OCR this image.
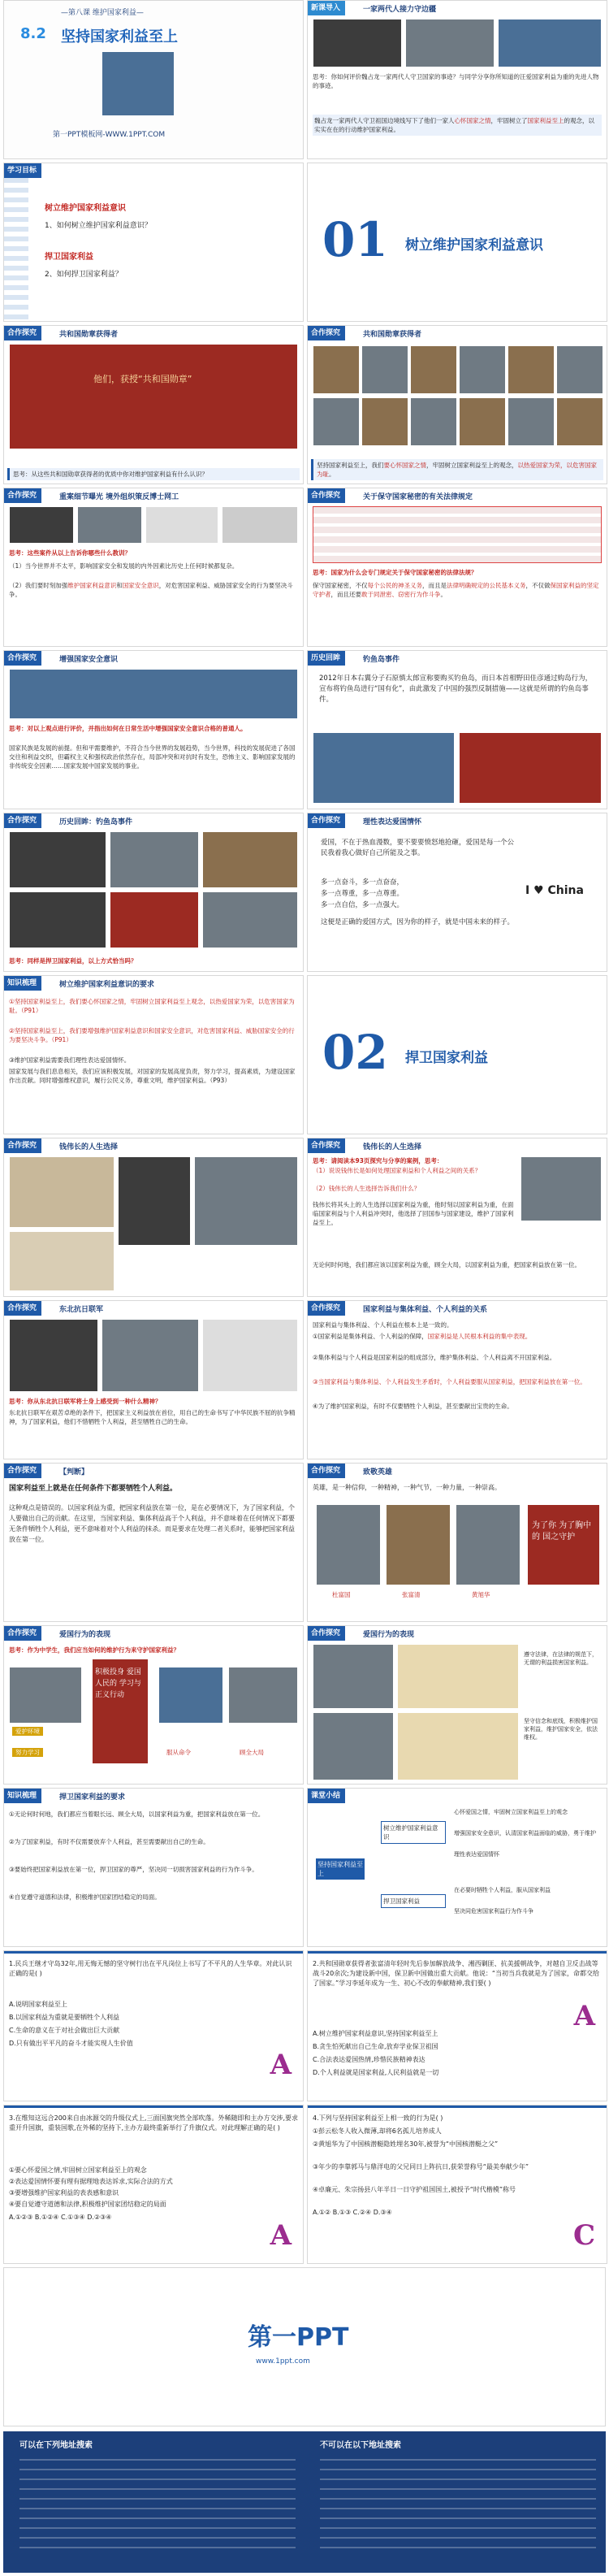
—第八课 维护国家利益—
8.2 坚持国家利益至上
第一PPT模板网-WWW.1PPT.COM
新课导入	一家两代人接力守边疆
思考：你如何评价魏占龙一家两代人守卫国家的事迹？与同学分享你所知道的汪爱国家利益为重的先进人物的事迹。
魏占龙一家两代人守卫祖国边境线写下了他们一家人心怀国家之情，牢固树立了国家利益至上的观念，以实实在在的行动维护国家利益。
学习目标
树立维护国家利益意识
1、如何树立维护国家利益意识？
捍卫国家利益
2、如何捍卫国家利益？
01 树立维护国家利益意识
合作探究	共和国勋章获得者
他们，获授“共和国勋章”
思考：从这些共和国勋章获得者的优质中你对维护国家利益有什么认识？
合作探究	共和国勋章获得者
坚持国家利益至上，我们要心怀国家之情，牢固树立国家利益至上的观念，以热爱国家为荣，以危害国家为耻。
合作探究	重案细节曝光 境外组织策反博士网工
思考：这些案件从以上告诉你哪些什么教训？
（1）当今世界并不太平，影响国家安全和发展的内外因素比历史上任何时候都复杂。
（2）我们要时刻加强维护国家利益意识和国家安全意识，对危害国家利益、威胁国家安全的行为要坚决斗争。
合作探究	关于保守国家秘密的有关法律规定
思考：国家为什么会专门规定关于保守国家秘密的法律法规？
保守国家秘密，不仅每个公民的神圣义务，而且是法律明确规定的公民基本义务，不仅做保国家利益的坚定守护者，而且还要敢于同泄密、窃密行为作斗争。
合作探究	增强国家安全意识
思考：对以上观点进行评价，并指出如何在日常生活中增强国家安全意识合格的普通人。
国家民族是发展的前提。但和平需要维护，不符合当今世界的发展趋势，当今世界，科技的发展促进了各国交往和利益交织，但霸权主义和强权政治依然存在，局部冲突和对抗时有发生，恐怖主义、影响国家发展的非传统安全因素……国家发展中国家发展的事业。
历史回眸	钓鱼岛事件
2012年日本右翼分子石原慎太郎宣称要购买钓鱼岛，而日本首相野田佳彦通过购岛行为，宣布将钓鱼岛进行“国有化”，由此激发了中国的强烈反制措施——这就是所谓的钓鱼岛事件。
合作探究	历史回眸：钓鱼岛事件
思考：同样是捍卫国家利益，以上方式恰当吗？
合作探究	理性表达爱国情怀
爱国，不在于热血漫数，要不要要愤怒地抢砸，爱国是每一个公民我着我心做好自己所能及之事。
多一点奋斗，多一点奋奋，
多一点尊重，多一点尊重。
多一点自信，多一点强大。
这便是正确的爱国方式，因为你的样子，就是中国未来的样子。
I ♥ China
知识梳理	树立维护国家利益意识的要求
①坚持国家利益至上，我们要心怀国家之情，牢固树立国家利益至上观念，以热爱国家为荣，以危害国家为耻。（P91）
②坚持国家利益至上，我们要增强维护国家利益意识和国家安全意识，对危害国家利益、威胁国家安全的行为要坚决斗争。（P91）
③维护国家利益需要我们理性表达爱国情怀。
国家发展与我们息息相关，我们应该积极发展，对国家的发展高度负责，努力学习，提高素质，为建设国家作出贡献。同时增强维权意识，履行公民义务，尊重文明，维护国家利益。（P93）
02 捍卫国家利益
合作探究	钱伟长的人生选择	合作探究	钱伟长的人生选择
思考：请阅读本93页探究与分享的案例，思考：
（1）说说钱伟长是如何处理国家利益和个人利益之间的关系？
（2）钱伟长的人生选择告诉我们什么？
钱伟长将其头上的人生选择以国家利益为重，他时刻以国家利益为重，在面临国家利益与个人利益冲突时，他选择了回国参与国家建设，维护了国家利益至上。
无论何时何地，我们都应该以国家利益为重，顾全大局，以国家利益为重，把国家利益放在第一位。
合作探究	东北抗日联军
思考：你从东北抗日联军将士身上感受到一种什么精神？
东北抗日联军在艰苦卓绝的条件下，把国家主义利益放在首位，用自己的生命书写了中华民族不屈的抗争精神，为了国家利益，他们不惜牺牲个人利益，甚至牺牲自己的生命。
合作探究	国家利益与集体利益、个人利益的关系
国家利益与集体利益、个人利益在根本上是一致的。
①国家利益是集体利益、个人利益的保障，国家利益是人民根本利益的集中表现。
②集体利益与个人利益是国家利益的组成部分，维护集体利益、个人利益离不开国家利益。
③当国家利益与集体利益、个人利益发生矛盾时，个人利益要服从国家利益，把国家利益放在第一位。
④为了维护国家利益，有时不仅要牺牲个人利益，甚至要献出宝贵的生命。
合作探究	【判断】
国家利益至上就是在任何条件下都要牺牲个人利益。
这种观点是错误的。以国家利益为重，把国家利益放在第一位，是在必要情况下，为了国家利益，个人要做出自己的贡献。在这里，当国家利益、集体利益高于个人利益，并不意味着在任何情况下都要无条件牺牲个人利益，更不意味着对个人利益的抹杀。而是要求在处理二者关系时，能够把国家利益放在第一位。
合作探究	致敬英雄
英雄，是一种信仰，一种精神，一种气节，一种力量，一种崇高。
为了你 为了胸中的 国之守护
杜富国	张富清	黄旭华
合作探究	爱国行为的表现
思考：作为中学生，我们应当如何的维护行为来守护国家利益？
积极投身 爱国人民的 学习与 正义行动
爱护环境
努力学习	服从命令	顾全大局
合作探究	爱国行为的表现
遵守法律，在法律的规范下，无谓的利益损害国家利益。
坚守信念和底线，积极维护国家利益，维护国家安全，依法维权。
知识梳理	捍卫国家利益的要求
①无论何时何地，我们都应当着眼长远、顾全大局，以国家利益为重，把国家利益放在第一位。
②为了国家利益，有时不仅需要放弃个人利益，甚至需要献出自己的生命。
③要始终把国家利益放在第一位，捍卫国家的尊严，坚决同一切损害国家利益的行为作斗争。
④自觉遵守道德和法律，积极维护国家团结稳定的局面。
课堂小结
坚持国家利益至上
树立维护国家利益意识
捍卫国家利益
心怀爱国之情，牢固树立国家利益至上的观念
增强国家安全意识，认清国家利益面临的威胁，勇于维护
理性表达爱国情怀
在必要时牺牲个人利益，服从国家利益
坚决同危害国家利益行为作斗争
1.民兵王继才守岛32年,用无悔无憾的坚守树行出在平凡岗位上书写了不平凡的人生华章。对此认识正确的是( )
A.说明国家利益至上
B.以国家利益为重就是要牺牲个人利益
C.生命的意义在于对社会做出巨大贡献
D.只有做出平平凡的奋斗才能实现人生价值
A
2.共和国勋章获得者张富清年轻时先后参加解放战争、湘西剿匪、抗美援朝战争，对越自卫反击战等战斗20余次;为建设新中国，保卫新中国做出重大贡献。他说：“当初当兵我就是为了国家，命都交给了国家。”学习李延年成为一生、初心不改的奉献精神,我们要( )
A.树立维护国家利益意识,坚持国家利益至上
B.贪生怕死献出自己生命,放弃学业保卫祖国
C.合法表达爱国热情,珍惜民族精神表达
D.个人利益就是国家利益,人民利益就是一切
A
3.在维知这远合200来自由冰源交的升级仪式上,三面国旗突然全部吹落。外稀随即和主办方交涉,要求重开升国旗，重装国歌,在外稀的坚持下,主办方最终重新举行了升旗仪式。对此理解正确的是( )
①要心怀爱国之情,牢固树立国家利益至上的观念
②表达爱国情怀要有理有据理地表达诉求,实际合法的方式
③要增强维护国家利益的表表感和意识
④要自觉遵守道德和法律,积极维护国家团结稳定的局面
A.①②③ B.①②④ C.①③④ D.②③④
A
4.下列与坚持国家利益至上相一致的行为是( )
①彭云松冬人收入微薄,却将6名孤儿培养成人
②黄旭华为了中国核潜艇隐姓埋名30年,被誉为“中国核潜艇之父”
③年少的李靠郭马与鼎洋电的父兄同日上阵抗日,获荣誉称号“最美奉献少年”
④卓廉元、朱宗扬县八年半日一日守护祖国国土,被授予“时代楷模”称号
A.①② B.①③ C.②④ D.③④
C
第一PPT
www.1ppt.com
可以在下列地址搜索	不可以在以下地址搜索
